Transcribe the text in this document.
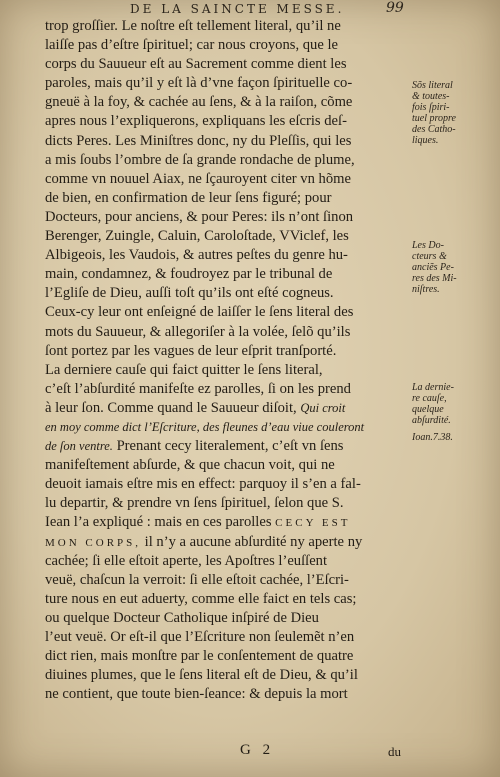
DE LA SAINCTE MESSE.	99
trop groſſier. Le noſtre eſt tellement literal, qu’il ne
laiſſe pas d’eſtre ſpirituel; car nous croyons, que le
corps du Sauueur eſt au Sacrement comme dient les
paroles, mais qu’il y eſt là d’vne façon ſpirituelle co-
gneuë à la foy, & cachée au ſens, & à la raiſon, cõme
apres nous l’expliquerons, expliquans les eſcris deſ-
dicts Peres. Les Miniſtres donc, ny du Pleſſis, qui les
a mis ſoubs l’ombre de ſa grande rondache de plume,
comme vn nouuel Aiax, ne ſçauroyent citer vn hõme
de bien, en confirmation de leur ſens figuré; pour
Docteurs, pour anciens, & pour Peres: ils n’ont ſinon
Berenger, Zuingle, Caluin, Caroloſtade, VViclef, les
Albigeois, les Vaudois, & autres peſtes du genre hu-
main, condamnez, & foudroyez par le tribunal de
l’Egliſe de Dieu, auſſi toſt qu’ils ont eſté cogneus.
Ceux-cy leur ont enſeigné de laiſſer le ſens literal des
mots du Sauueur, & allegoriſer à la volée, ſelõ qu’ils
ſont portez par les vagues de leur eſprit tranſporté.
La derniere cauſe qui faict quitter le ſens literal,
c’eſt l’abſurdité manifeſte ez parolles, ſi on les prend
à leur ſon. Comme quand le Sauueur diſoit, Qui croit
en moy comme dict l’Eſcriture, des fleunes d’eau viue couleront
de ſon ventre. Prenant cecy literalement, c’eſt vn ſens
manifeſtement abſurde, & que chacun voit, qui ne
deuoit iamais eſtre mis en effect: parquoy il s’en a fal-
lu departir, & prendre vn ſens ſpirituel, ſelon que S.
Iean l’a expliqué : mais en ces parolles CECY EST
MON CORPS, il n’y a aucune abſurdité ny aperte ny
cachée; ſi elle eſtoit aperte, les Apoſtres l’euſſent
veuë, chaſcun la verroit: ſi elle eſtoit cachée, l’Eſcri-
ture nous en eut aduerty, comme elle faict en tels cas;
ou quelque Docteur Catholique inſpiré de Dieu
l’eut veuë. Or eſt-il que l’Eſcriture non ſeulemẽt n’en
dict rien, mais monſtre par le conſentement de quatre
diuines plumes, que le ſens literal eſt de Dieu, & qu’il
ne contient, que toute bien-ſeance: & depuis la mort
Sõs literal
& toutes-
fois ſpiri-
tuel propre
des Catho-
liques.
Les Do-
cteurs &
anciẽs Pe-
res des Mi-
niſtres.
La dernie-
re cauſe,
quelque
abſurdité.
Ioan.7.38.
G 2	du
